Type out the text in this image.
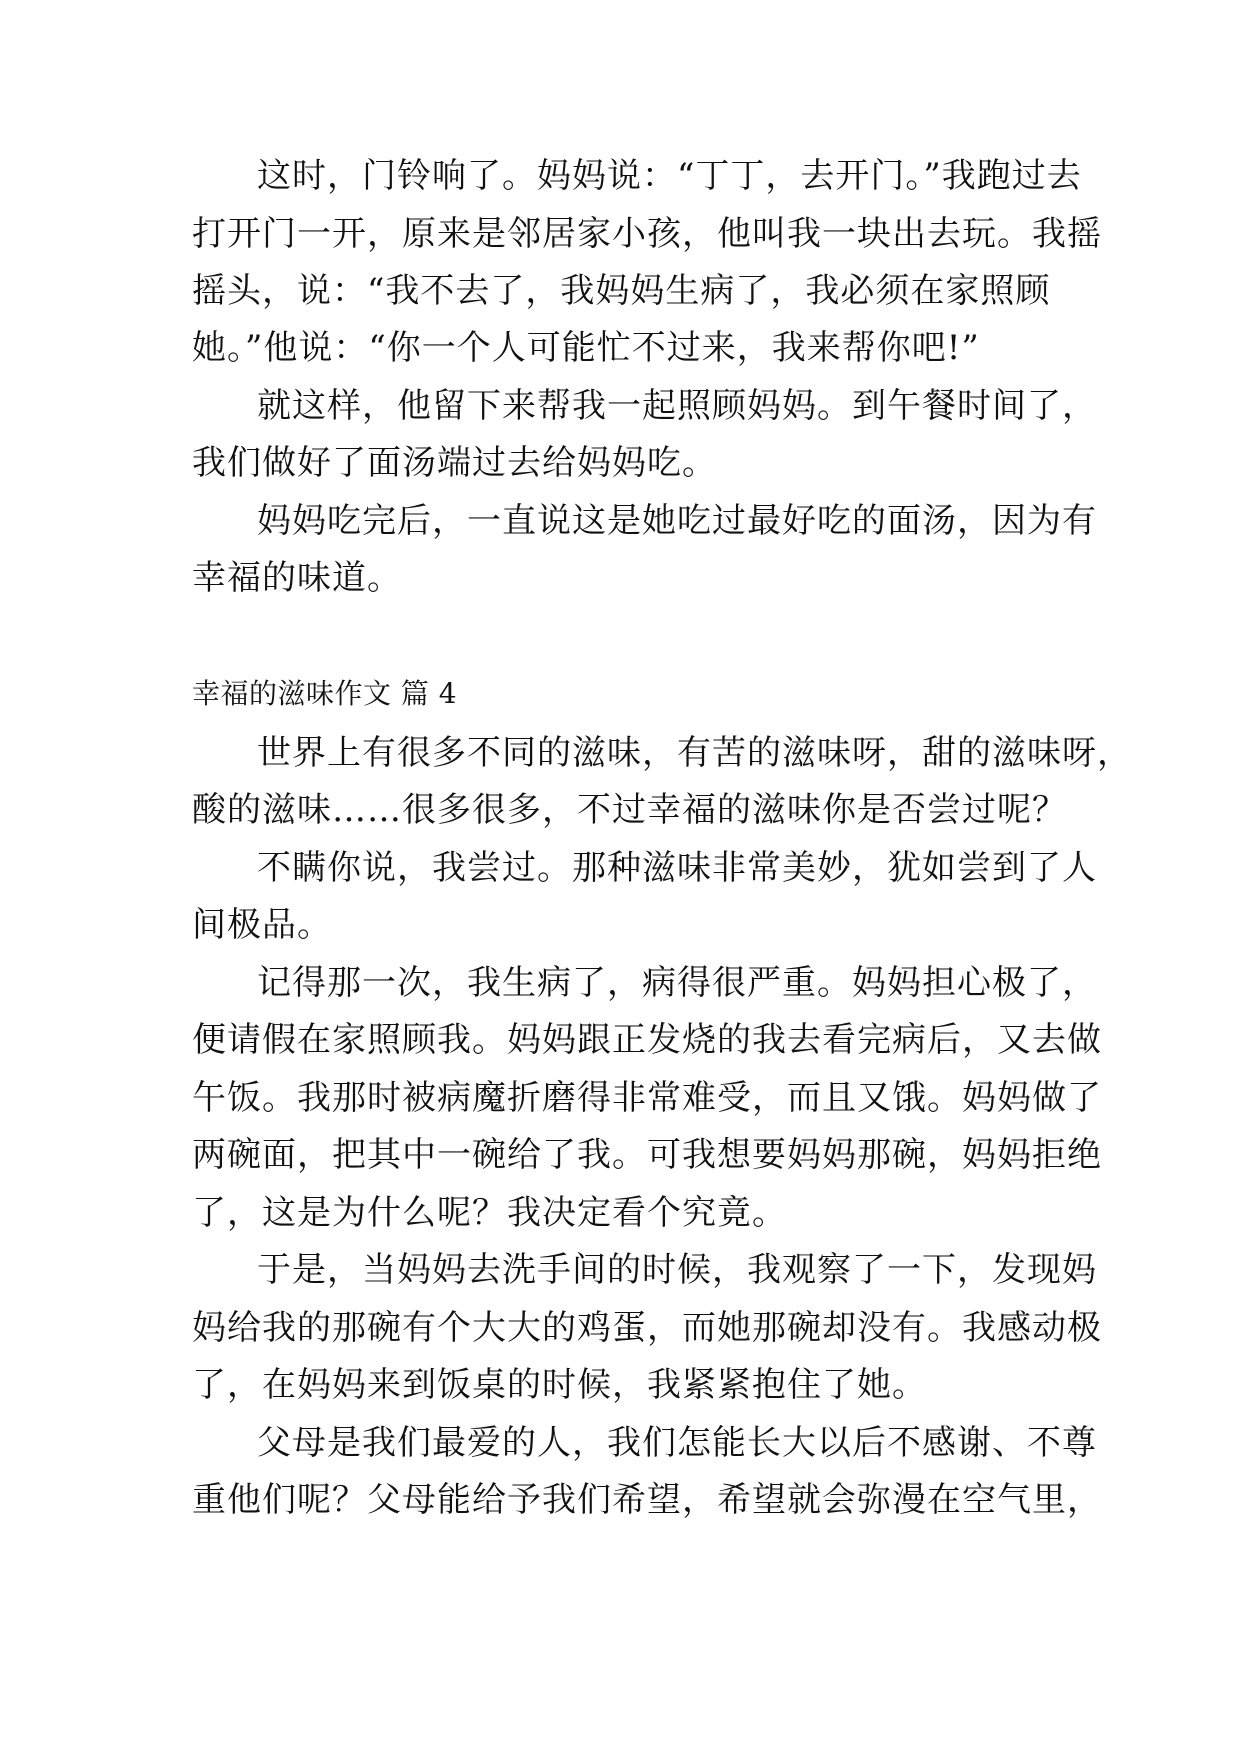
这时，门铃响了。妈妈说：“丁丁，去开门。”我跑过去
打开门一开，原来是邻居家小孩，他叫我一块出去玩。我摇
摇头，说：“我不去了，我妈妈生病了，我必须在家照顾
她。”他说：“你一个人可能忙不过来，我来帮你吧!”
就这样，他留下来帮我一起照顾妈妈。到午餐时间了，
我们做好了面汤端过去给妈妈吃。
妈妈吃完后，一直说这是她吃过最好吃的面汤，因为有
幸福的味道。
幸福的滋味作文 篇 4
世界上有很多不同的滋味，有苦的滋味呀，甜的滋味呀，
酸的滋味……很多很多，不过幸福的滋味你是否尝过呢？
不瞒你说，我尝过。那种滋味非常美妙，犹如尝到了人
间极品。
记得那一次，我生病了，病得很严重。妈妈担心极了，
便请假在家照顾我。妈妈跟正发烧的我去看完病后，又去做
午饭。我那时被病魔折磨得非常难受，而且又饿。妈妈做了
两碗面，把其中一碗给了我。可我想要妈妈那碗，妈妈拒绝
了，这是为什么呢？我决定看个究竟。
于是，当妈妈去洗手间的时候，我观察了一下，发现妈
妈给我的那碗有个大大的鸡蛋，而她那碗却没有。我感动极
了，在妈妈来到饭桌的时候，我紧紧抱住了她。
父母是我们最爱的人，我们怎能长大以后不感谢、不尊
重他们呢？父母能给予我们希望，希望就会弥漫在空气里，
